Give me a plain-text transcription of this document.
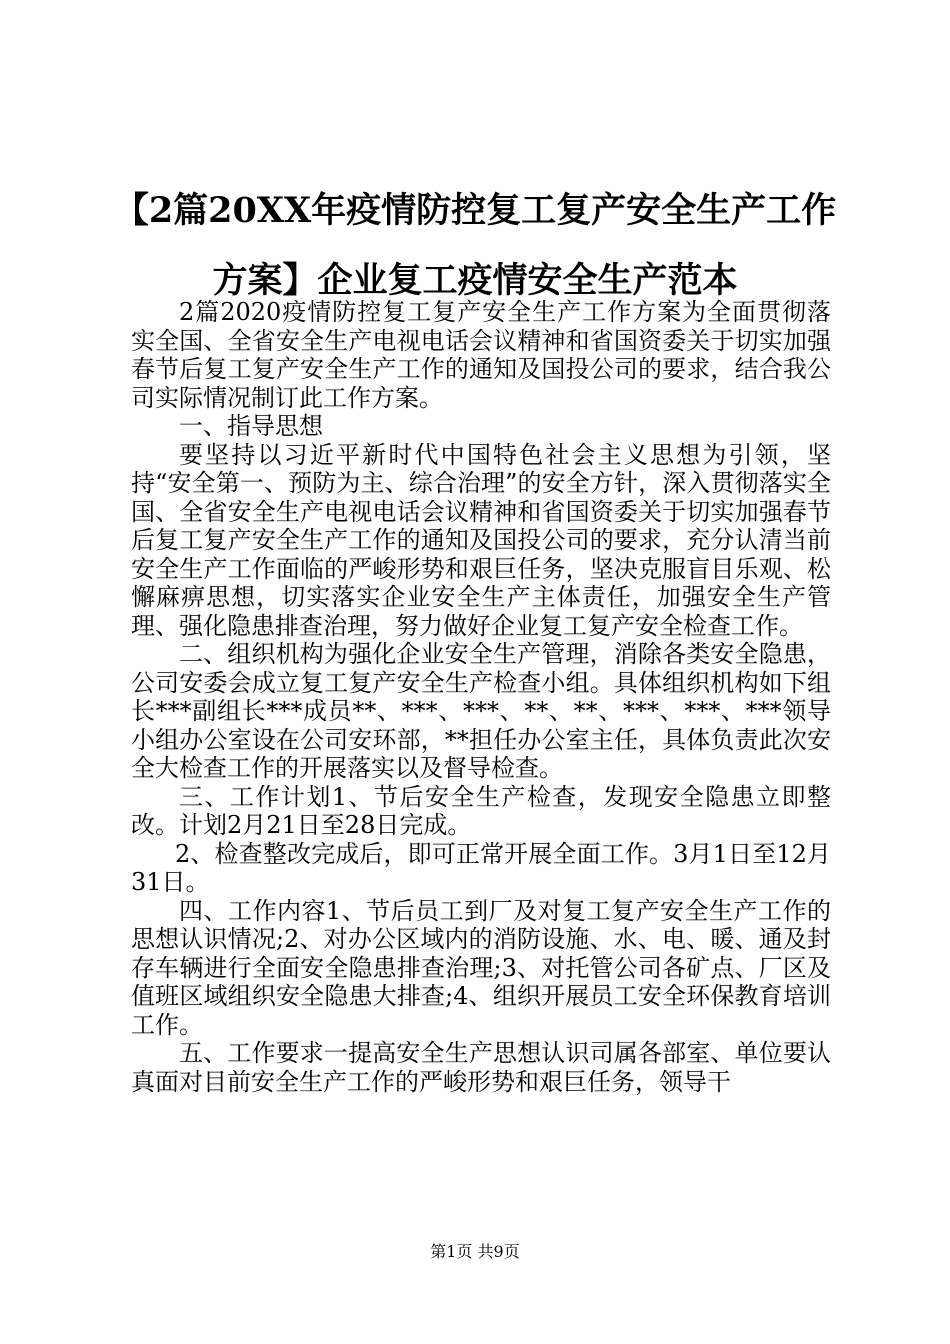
【2篇20XX年疫情防控复工复产安全生产工作方案】企业复工疫情安全生产范本

2篇2020疫情防控复工复产安全生产工作方案为全面贯彻落实全国、全省安全生产电视电话会议精神和省国资委关于切实加强春节后复工复产安全生产工作的通知及国投公司的要求，结合我公司实际情况制订此工作方案。

一、指导思想

要坚持以习近平新时代中国特色社会主义思想为引领，坚持“安全第一、预防为主、综合治理”的安全方针，深入贯彻落实全国、全省安全生产电视电话会议精神和省国资委关于切实加强春节后复工复产安全生产工作的通知及国投公司的要求，充分认清当前安全生产工作面临的严峻形势和艰巨任务，坚决克服盲目乐观、松懈麻痹思想，切实落实企业安全生产主体责任，加强安全生产管理、强化隐患排查治理，努力做好企业复工复产安全检查工作。

二、组织机构为强化企业安全生产管理，消除各类安全隐患，公司安委会成立复工复产安全生产检查小组。具体组织机构如下组长***副组长***成员**、***、***、**、**、***、***、***领导小组办公室设在公司安环部，**担任办公室主任，具体负责此次安全大检查工作的开展落实以及督导检查。

三、工作计划1、节后安全生产检查，发现安全隐患立即整改。计划2月21日至28日完成。

2、检查整改完成后，即可正常开展全面工作。3月1日至12月31日。

四、工作内容1、节后员工到厂及对复工复产安全生产工作的思想认识情况;2、对办公区域内的消防设施、水、电、暖、通及封存车辆进行全面安全隐患排查治理;3、对托管公司各矿点、厂区及值班区域组织安全隐患大排查;4、组织开展员工安全环保教育培训工作。

五、工作要求一提高安全生产思想认识司属各部室、单位要认真面对目前安全生产工作的严峻形势和艰巨任务，领导干

第1页 共9页
